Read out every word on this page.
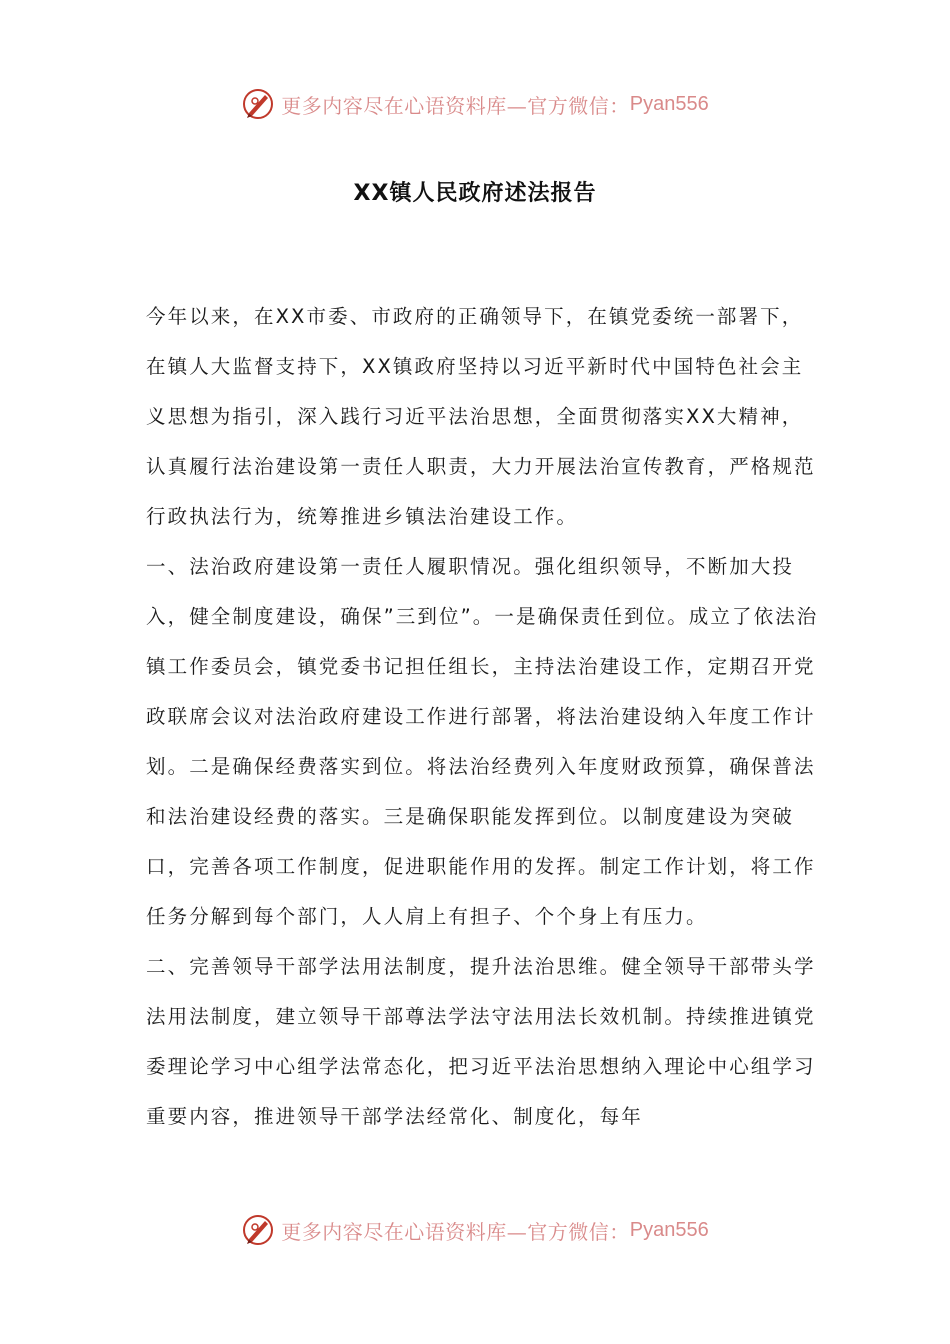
更多内容尽在心语资料库—官方微信： Pyan556
XX镇人民政府述法报告

今年以来，在XX市委、市政府的正确领导下，在镇党委统一部署下，在镇人大监督支持下，XX镇政府坚持以习近平新时代中国特色社会主义思想为指引，深入践行习近平法治思想，全面贯彻落实XX大精神，认真履行法治建设第一责任人职责，大力开展法治宣传教育，严格规范行政执法行为，统筹推进乡镇法治建设工作。

一、法治政府建设第一责任人履职情况。强化组织领导，不断加大投入，健全制度建设，确保”三到位”。一是确保责任到位。成立了依法治镇工作委员会，镇党委书记担任组长，主持法治建设工作，定期召开党政联席会议对法治政府建设工作进行部署，将法治建设纳入年度工作计划。二是确保经费落实到位。将法治经费列入年度财政预算，确保普法和法治建设经费的落实。三是确保职能发挥到位。以制度建设为突破口，完善各项工作制度，促进职能作用的发挥。制定工作计划，将工作任务分解到每个部门，人人肩上有担子、个个身上有压力。

二、完善领导干部学法用法制度，提升法治思维。健全领导干部带头学法用法制度，建立领导干部尊法学法守法用法长效机制。持续推进镇党委理论学习中心组学法常态化，把习近平法治思想纳入理论中心组学习重要内容，推进领导干部学法经常化、制度化，每年

更多内容尽在心语资料库—官方微信： Pyan556
